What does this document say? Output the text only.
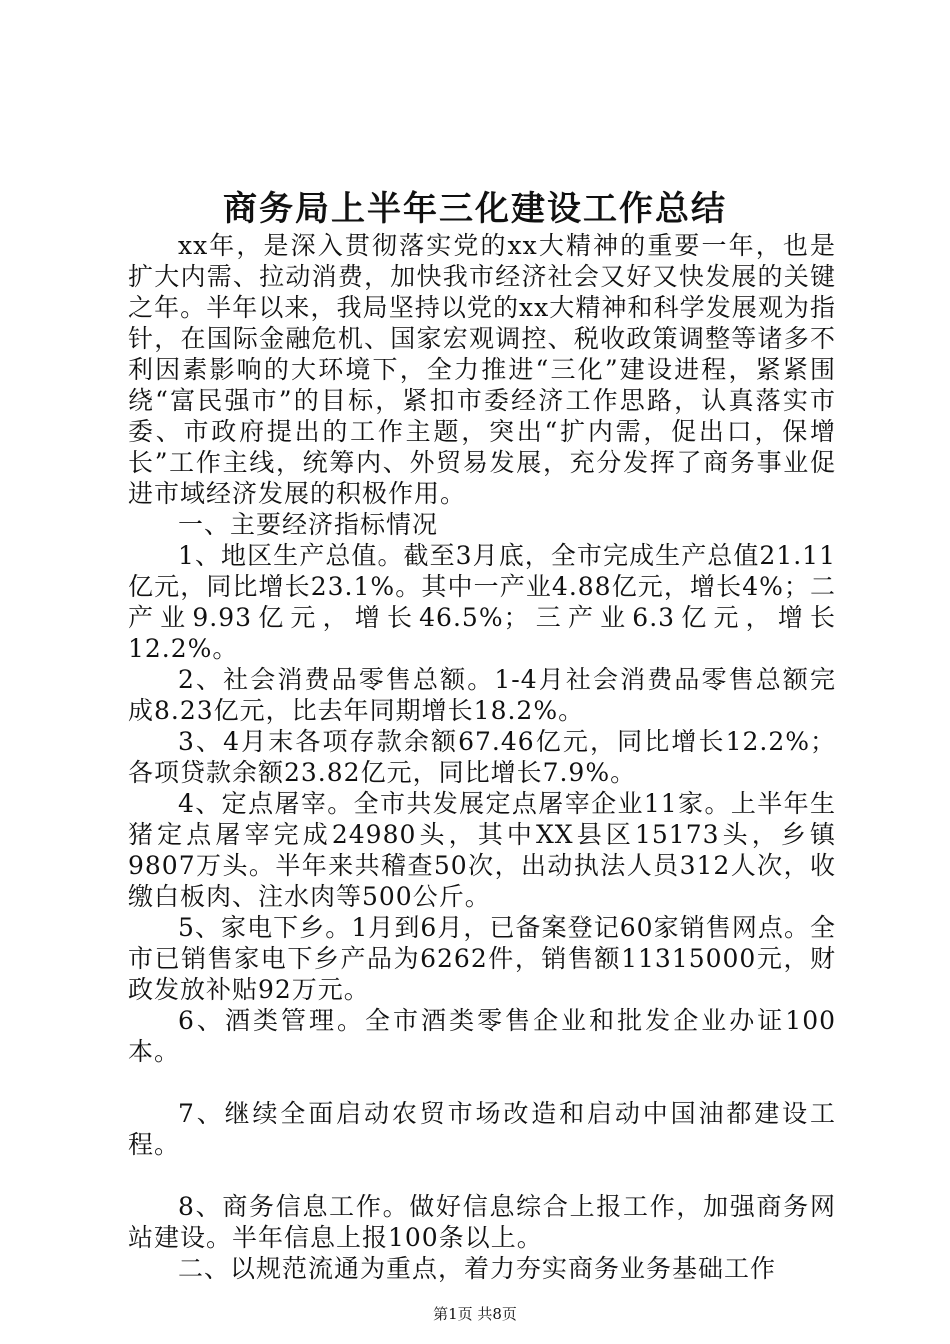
商务局上半年三化建设工作总结

xx年，是深入贯彻落实党的xx大精神的重要一年，也是扩大内需、拉动消费，加快我市经济社会又好又快发展的关键之年。半年以来，我局坚持以党的xx大精神和科学发展观为指针，在国际金融危机、国家宏观调控、税收政策调整等诸多不利因素影响的大环境下，全力推进“三化”建设进程，紧紧围绕“富民强市”的目标，紧扣市委经济工作思路，认真落实市委、市政府提出的工作主题，突出“扩内需，促出口，保增长”工作主线，统筹内、外贸易发展，充分发挥了商务事业促进市域经济发展的积极作用。

一、主要经济指标情况

1、地区生产总值。截至3月底，全市完成生产总值21.11亿元，同比增长23.1%。其中一产业4.88亿元，增长4%；二产业9.93亿元，增长46.5%；三产业6.3亿元，增长12.2%。

2、社会消费品零售总额。1-4月社会消费品零售总额完成8.23亿元，比去年同期增长18.2%。

3、4月末各项存款余额67.46亿元，同比增长12.2%；各项贷款余额23.82亿元，同比增长7.9%。

4、定点屠宰。全市共发展定点屠宰企业11家。上半年生猪定点屠宰完成24980头，其中XX县区15173头，乡镇9807万头。半年来共稽查50次，出动执法人员312人次，收缴白板肉、注水肉等500公斤。

5、家电下乡。1月到6月，已备案登记60家销售网点。全市已销售家电下乡产品为6262件，销售额11315000元，财政发放补贴92万元。

6、酒类管理。全市酒类零售企业和批发企业办证100本。

7、继续全面启动农贸市场改造和启动中国油都建设工程。

8、商务信息工作。做好信息综合上报工作，加强商务网站建设。半年信息上报100条以上。

二、以规范流通为重点，着力夯实商务业务基础工作

第1页 共8页
